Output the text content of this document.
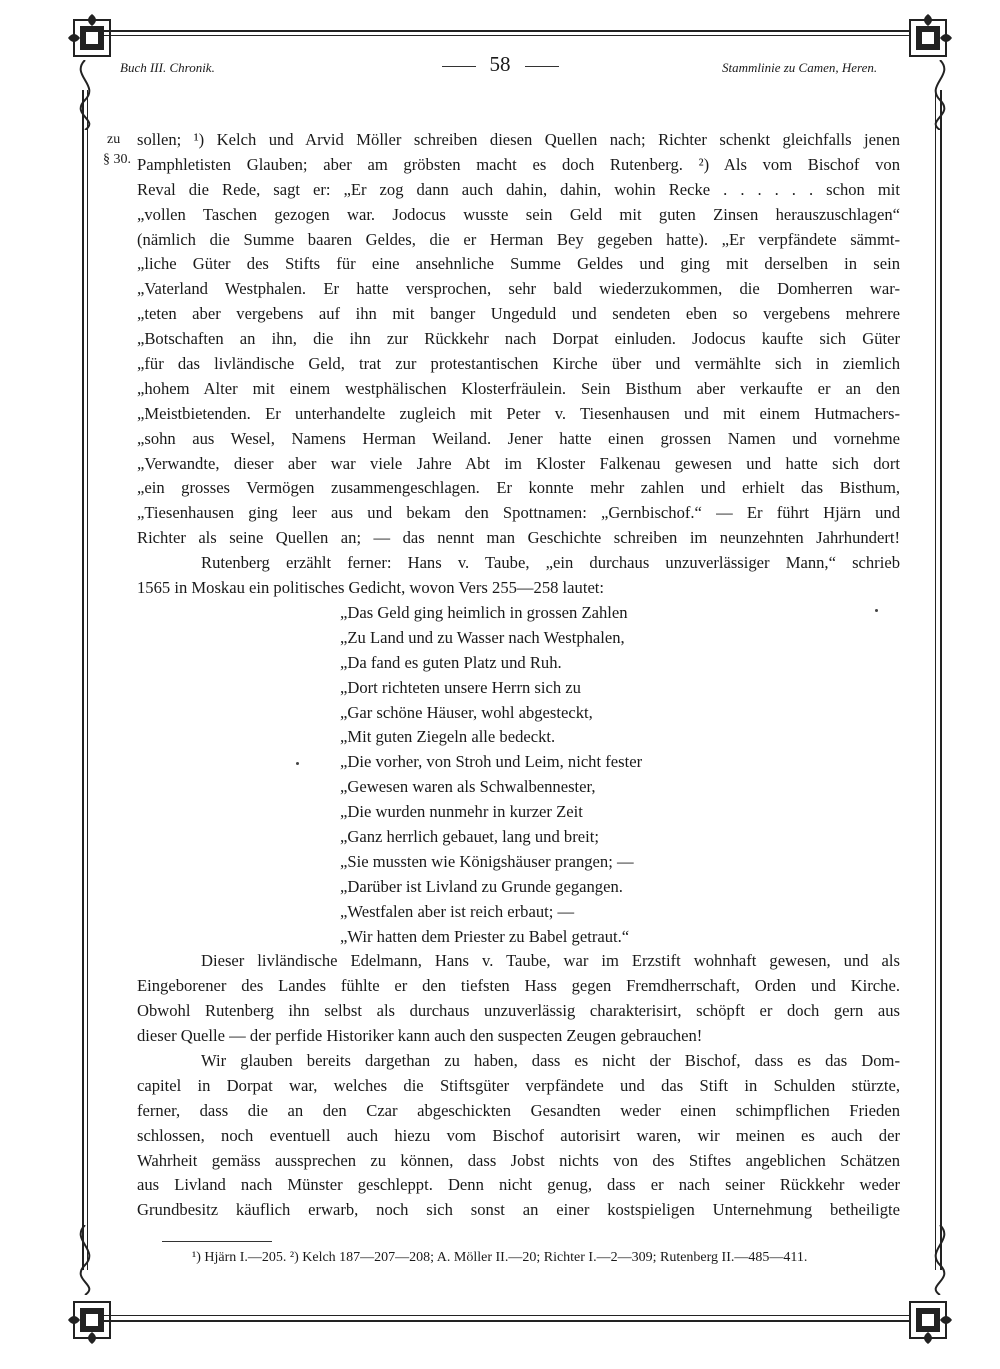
Buch III. Chronik.	58	Stammlinie zu Camen, Heren.
zu
§ 30.
sollen; ¹) Kelch und Arvid Möller schreiben diesen Quellen nach; Richter schenkt gleichfalls jenen
Pamphletisten Glauben; aber am gröbsten macht es doch Rutenberg. ²) Als vom Bischof von
Reval die Rede, sagt er: „Er zog dann auch dahin, dahin, wohin Recke . . . . . . schon mit
„vollen Taschen gezogen war. Jodocus wusste sein Geld mit guten Zinsen herauszuschlagen“
(nämlich die Summe baaren Geldes, die er Herman Bey gegeben hatte). „Er verpfändete sämmt-
„liche Güter des Stifts für eine ansehnliche Summe Geldes und ging mit derselben in sein
„Vaterland Westphalen. Er hatte versprochen, sehr bald wiederzukommen, die Domherren war-
„teten aber vergebens auf ihn mit banger Ungeduld und sendeten eben so vergebens mehrere
„Botschaften an ihn, die ihn zur Rückkehr nach Dorpat einluden. Jodocus kaufte sich Güter
„für das livländische Geld, trat zur protestantischen Kirche über und vermählte sich in ziemlich
„hohem Alter mit einem westphälischen Klosterfräulein. Sein Bisthum aber verkaufte er an den
„Meistbietenden. Er unterhandelte zugleich mit Peter v. Tiesenhausen und mit einem Hutmachers-
„sohn aus Wesel, Namens Herman Weiland. Jener hatte einen grossen Namen und vornehme
„Verwandte, dieser aber war viele Jahre Abt im Kloster Falkenau gewesen und hatte sich dort
„ein grosses Vermögen zusammengeschlagen. Er konnte mehr zahlen und erhielt das Bisthum,
„Tiesenhausen ging leer aus und bekam den Spottnamen: „Gernbischof.“ — Er führt Hjärn und
Richter als seine Quellen an; — das nennt man Geschichte schreiben im neunzehnten Jahrhundert!
Rutenberg erzählt ferner: Hans v. Taube, „ein durchaus unzuverlässiger Mann,“ schrieb
1565 in Moskau ein politisches Gedicht, wovon Vers 255—258 lautet:
„Das Geld ging heimlich in grossen Zahlen
„Zu Land und zu Wasser nach Westphalen,
„Da fand es guten Platz und Ruh.
„Dort richteten unsere Herrn sich zu
„Gar schöne Häuser, wohl abgesteckt,
„Mit guten Ziegeln alle bedeckt.
„Die vorher, von Stroh und Leim, nicht fester
„Gewesen waren als Schwalbennester,
„Die wurden nunmehr in kurzer Zeit
„Ganz herrlich gebauet, lang und breit;
„Sie mussten wie Königshäuser prangen; —
„Darüber ist Livland zu Grunde gegangen.
„Westfalen aber ist reich erbaut; —
„Wir hatten dem Priester zu Babel getraut.“
Dieser livländische Edelmann, Hans v. Taube, war im Erzstift wohnhaft gewesen, und als
Eingeborener des Landes fühlte er den tiefsten Hass gegen Fremdherrschaft, Orden und Kirche.
Obwohl Rutenberg ihn selbst als durchaus unzuverlässig charakterisirt, schöpft er doch gern aus
dieser Quelle — der perfide Historiker kann auch den suspecten Zeugen gebrauchen!
Wir glauben bereits dargethan zu haben, dass es nicht der Bischof, dass es das Dom-
capitel in Dorpat war, welches die Stiftsgüter verpfändete und das Stift in Schulden stürzte,
ferner, dass die an den Czar abgeschickten Gesandten weder einen schimpflichen Frieden
schlossen, noch eventuell auch hiezu vom Bischof autorisirt waren, wir meinen es auch der
Wahrheit gemäss aussprechen zu können, dass Jobst nichts von des Stiftes angeblichen Schätzen
aus Livland nach Münster geschleppt. Denn nicht genug, dass er nach seiner Rückkehr weder
Grundbesitz käuflich erwarb, noch sich sonst an einer kostspieligen Unternehmung betheiligte
¹) Hjärn I.—205. ²) Kelch 187—207—208; A. Möller II.—20; Richter I.—2—309; Rutenberg II.—485—411.
